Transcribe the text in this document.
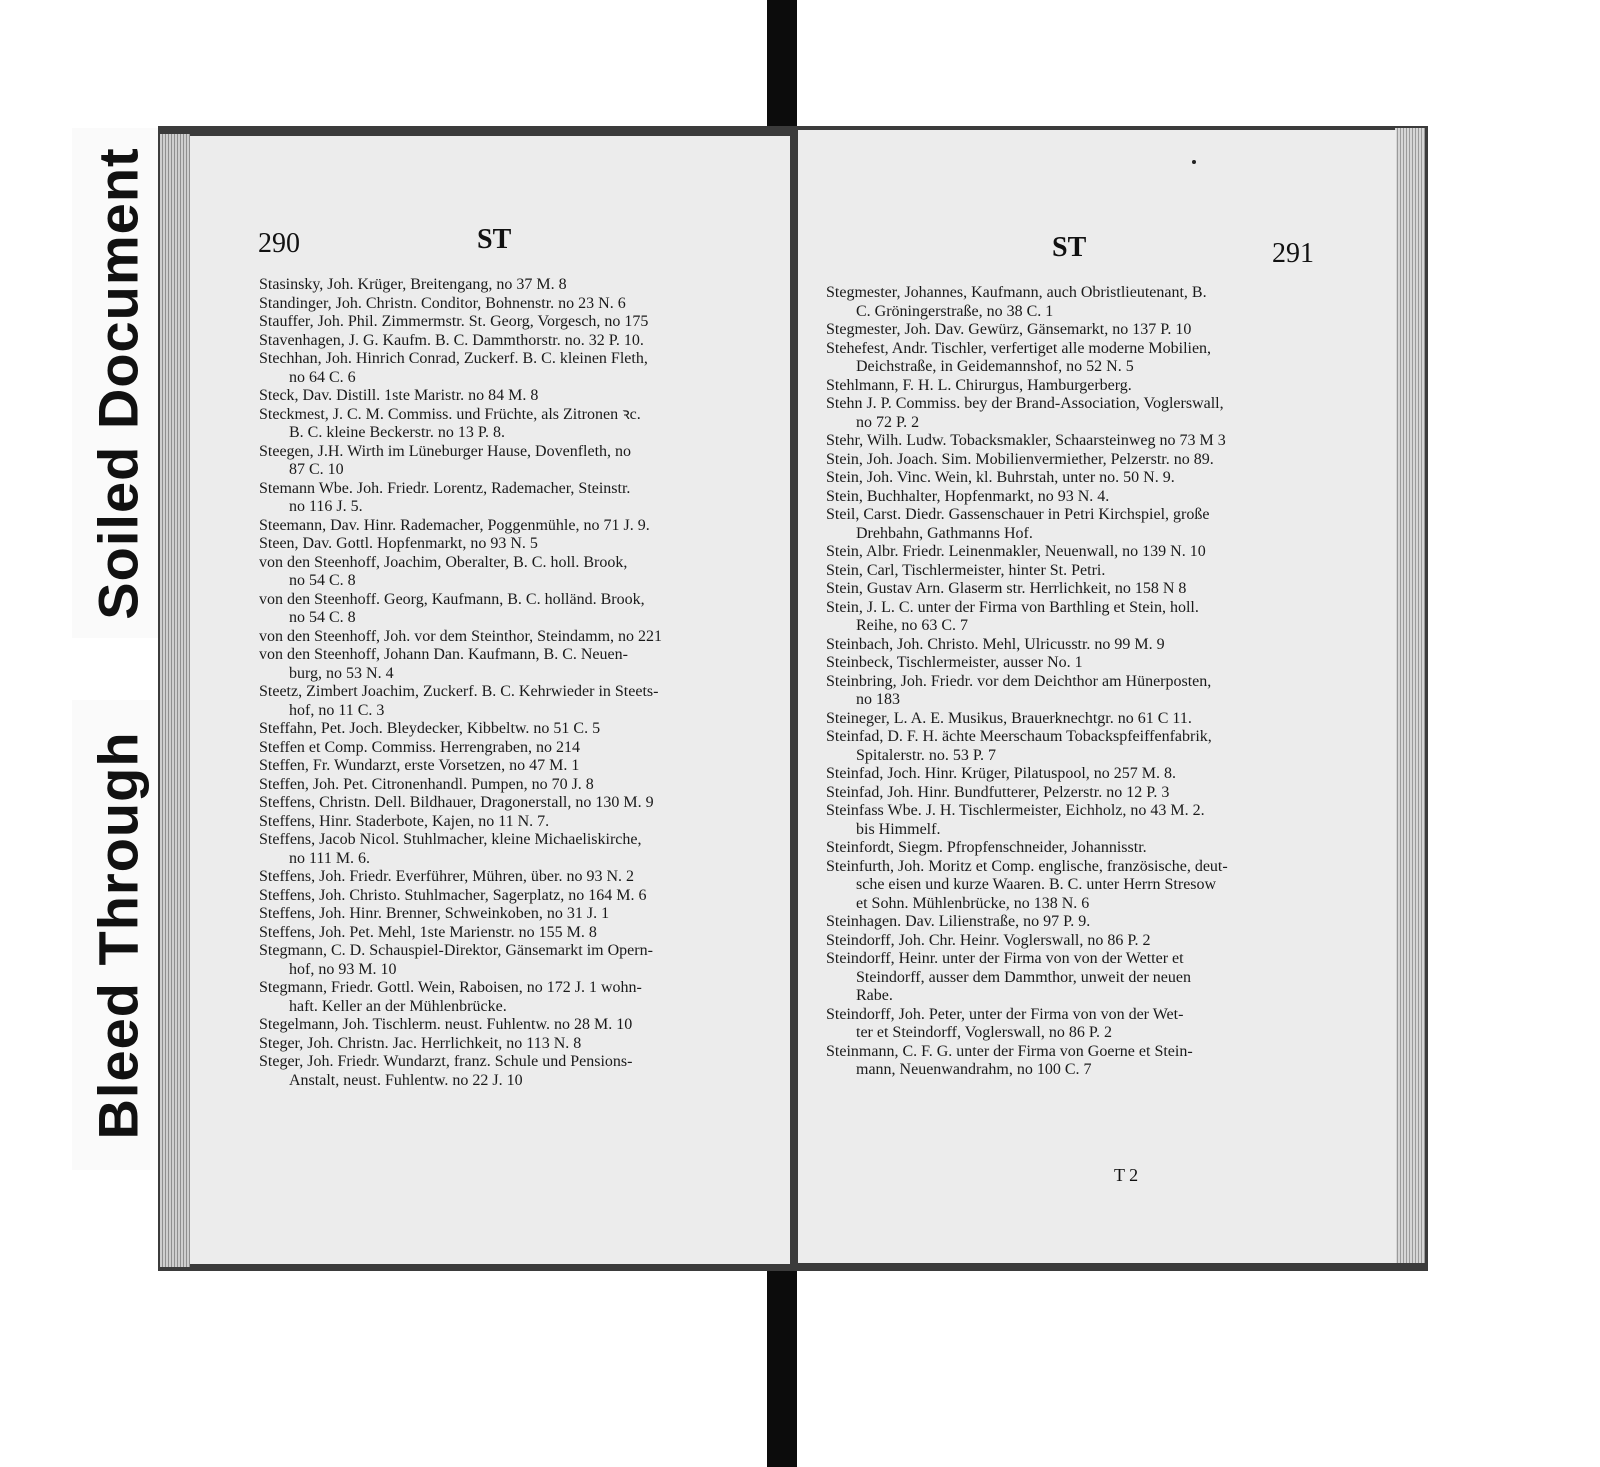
Soiled Document
Bleed Through
290	ST
Stasinsky, Joh. Krüger, Breitengang, no 37 M. 8
Standinger, Joh. Christn. Conditor, Bohnenstr. no 23 N. 6
Stauffer, Joh. Phil. Zimmermstr. St. Georg, Vorgesch, no 175
Stavenhagen, J. G. Kaufm. B. C. Dammthorstr. no. 32 P. 10.
Stechhan, Joh. Hinrich Conrad, Zuckerf. B. C. kleinen Fleth,
no 64 C. 6
Steck, Dav. Distill. 1ste Maristr. no 84 M. 8
Steckmest, J. C. M. Commiss. und Früchte, als Zitronen ꝛc.
B. C. kleine Beckerstr. no 13 P. 8.
Steegen, J.H. Wirth im Lüneburger Hause, Dovenfleth, no
87 C. 10
Stemann Wbe. Joh. Friedr. Lorentz, Rademacher, Steinstr.
no 116 J. 5.
Steemann, Dav. Hinr. Rademacher, Poggenmühle, no 71 J. 9.
Steen, Dav. Gottl. Hopfenmarkt, no 93 N. 5
von den Steenhoff, Joachim, Oberalter, B. C. holl. Brook,
no 54 C. 8
von den Steenhoff. Georg, Kaufmann, B. C. holländ. Brook,
no 54 C. 8
von den Steenhoff, Joh. vor dem Steinthor, Steindamm, no 221
von den Steenhoff, Johann Dan. Kaufmann, B. C. Neuen-
burg, no 53 N. 4
Steetz, Zimbert Joachim, Zuckerf. B. C. Kehrwieder in Steets-
hof, no 11 C. 3
Steffahn, Pet. Joch. Bleydecker, Kibbeltw. no 51 C. 5
Steffen et Comp. Commiss. Herrengraben, no 214
Steffen, Fr. Wundarzt, erste Vorsetzen, no 47 M. 1
Steffen, Joh. Pet. Citronenhandl. Pumpen, no 70 J. 8
Steffens, Christn. Dell. Bildhauer, Dragonerstall, no 130 M. 9
Steffens, Hinr. Staderbote, Kajen, no 11 N. 7.
Steffens, Jacob Nicol. Stuhlmacher, kleine Michaeliskirche,
no 111 M. 6.
Steffens, Joh. Friedr. Everführer, Mühren, über. no 93 N. 2
Steffens, Joh. Christo. Stuhlmacher, Sagerplatz, no 164 M. 6
Steffens, Joh. Hinr. Brenner, Schweinkoben, no 31 J. 1
Steffens, Joh. Pet. Mehl, 1ste Marienstr. no 155 M. 8
Stegmann, C. D. Schauspiel-Direktor, Gänsemarkt im Opern-
hof, no 93 M. 10
Stegmann, Friedr. Gottl. Wein, Raboisen, no 172 J. 1 wohn-
haft. Keller an der Mühlenbrücke.
Stegelmann, Joh. Tischlerm. neust. Fuhlentw. no 28 M. 10
Steger, Joh. Christn. Jac. Herrlichkeit, no 113 N. 8
Steger, Joh. Friedr. Wundarzt, franz. Schule und Pensions-
Anstalt, neust. Fuhlentw. no 22 J. 10
ST	291
Stegmester, Johannes, Kaufmann, auch Obristlieutenant, B.
C. Gröningerstraße, no 38 C. 1
Stegmester, Joh. Dav. Gewürz, Gänsemarkt, no 137 P. 10
Stehefest, Andr. Tischler, verfertiget alle moderne Mobilien,
Deichstraße, in Geidemannshof, no 52 N. 5
Stehlmann, F. H. L. Chirurgus, Hamburgerberg.
Stehn J. P. Commiss. bey der Brand-Association, Voglerswall,
no 72 P. 2
Stehr, Wilh. Ludw. Tobacksmakler, Schaarsteinweg no 73 M 3
Stein, Joh. Joach. Sim. Mobilienvermiether, Pelzerstr. no 89.
Stein, Joh. Vinc. Wein, kl. Buhrstah, unter no. 50 N. 9.
Stein, Buchhalter, Hopfenmarkt, no 93 N. 4.
Steil, Carst. Diedr. Gassenschauer in Petri Kirchspiel, große
Drehbahn, Gathmanns Hof.
Stein, Albr. Friedr. Leinenmakler, Neuenwall, no 139 N. 10
Stein, Carl, Tischlermeister, hinter St. Petri.
Stein, Gustav Arn. Glaserm str. Herrlichkeit, no 158 N 8
Stein, J. L. C. unter der Firma von Barthling et Stein, holl.
Reihe, no 63 C. 7
Steinbach, Joh. Christo. Mehl, Ulricusstr. no 99 M. 9
Steinbeck, Tischlermeister, ausser No. 1
Steinbring, Joh. Friedr. vor dem Deichthor am Hünerposten,
no 183
Steineger, L. A. E. Musikus, Brauerknechtgr. no 61 C 11.
Steinfad, D. F. H. ächte Meerschaum Tobackspfeiffenfabrik,
Spitalerstr. no. 53 P. 7
Steinfad, Joch. Hinr. Krüger, Pilatuspool, no 257 M. 8.
Steinfad, Joh. Hinr. Bundfutterer, Pelzerstr. no 12 P. 3
Steinfass Wbe. J. H. Tischlermeister, Eichholz, no 43 M. 2.
bis Himmelf.
Steinfordt, Siegm. Pfropfenschneider, Johannisstr.
Steinfurth, Joh. Moritz et Comp. englische, französische, deut-
sche eisen und kurze Waaren. B. C. unter Herrn Stresow
et Sohn. Mühlenbrücke, no 138 N. 6
Steinhagen. Dav. Lilienstraße, no 97 P. 9.
Steindorff, Joh. Chr. Heinr. Voglerswall, no 86 P. 2
Steindorff, Heinr. unter der Firma von von der Wetter et
Steindorff, ausser dem Dammthor, unweit der neuen
Rabe.
Steindorff, Joh. Peter, unter der Firma von von der Wet-
ter et Steindorff, Voglerswall, no 86 P. 2
Steinmann, C. F. G. unter der Firma von Goerne et Stein-
mann, Neuenwandrahm, no 100 C. 7
T 2
